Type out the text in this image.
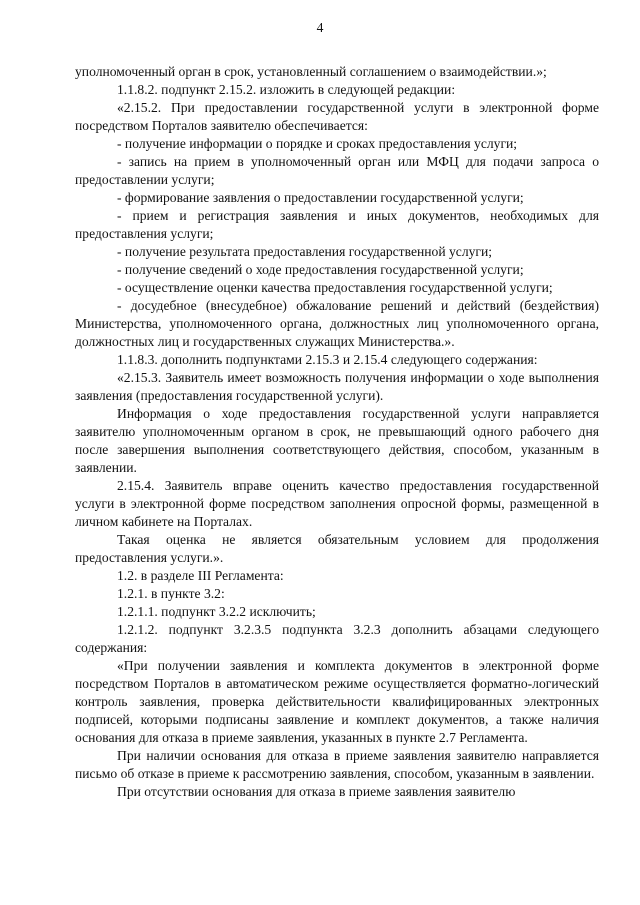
4

уполномоченный орган в срок, установленный соглашением о взаимодействии.»;

1.1.8.2. подпункт 2.15.2. изложить в следующей редакции:

«2.15.2. При предоставлении государственной услуги в электронной форме посредством Порталов заявителю обеспечивается:

- получение информации о порядке и сроках предоставления услуги;

- запись на прием в уполномоченный орган или МФЦ для подачи запроса о предоставлении услуги;

- формирование заявления о предоставлении государственной услуги;

- прием и регистрация заявления и иных документов, необходимых для предоставления услуги;

- получение результата предоставления государственной услуги;

- получение сведений о ходе предоставления государственной услуги;

- осуществление оценки качества предоставления государственной услуги;

- досудебное (внесудебное) обжалование решений и действий (бездействия) Министерства, уполномоченного органа, должностных лиц уполномоченного органа, должностных лиц и государственных служащих Министерства.».

1.1.8.3. дополнить подпунктами 2.15.3 и 2.15.4 следующего содержания:

«2.15.3. Заявитель имеет возможность получения информации о ходе выполнения заявления (предоставления государственной услуги).

Информация о ходе предоставления государственной услуги направляется заявителю уполномоченным органом в срок, не превышающий одного рабочего дня после завершения выполнения соответствующего действия, способом, указанным в заявлении.

2.15.4. Заявитель вправе оценить качество предоставления государственной услуги в электронной форме посредством заполнения опросной формы, размещенной в личном кабинете на Порталах.

Такая оценка не является обязательным условием для продолжения предоставления услуги.».

1.2. в разделе III Регламента:

1.2.1. в пункте 3.2:

1.2.1.1. подпункт 3.2.2 исключить;

1.2.1.2. подпункт 3.2.3.5 подпункта 3.2.3 дополнить абзацами следующего содержания:

«При получении заявления и комплекта документов в электронной форме посредством Порталов в автоматическом режиме осуществляется форматно-логический контроль заявления, проверка действительности квалифицированных электронных подписей, которыми подписаны заявление и комплект документов, а также наличия основания для отказа в приеме заявления, указанных в пункте 2.7 Регламента.

При наличии основания для отказа в приеме заявления заявителю направляется письмо об отказе в приеме к рассмотрению заявления, способом, указанным в заявлении.

При отсутствии основания для отказа в приеме заявления заявителю
